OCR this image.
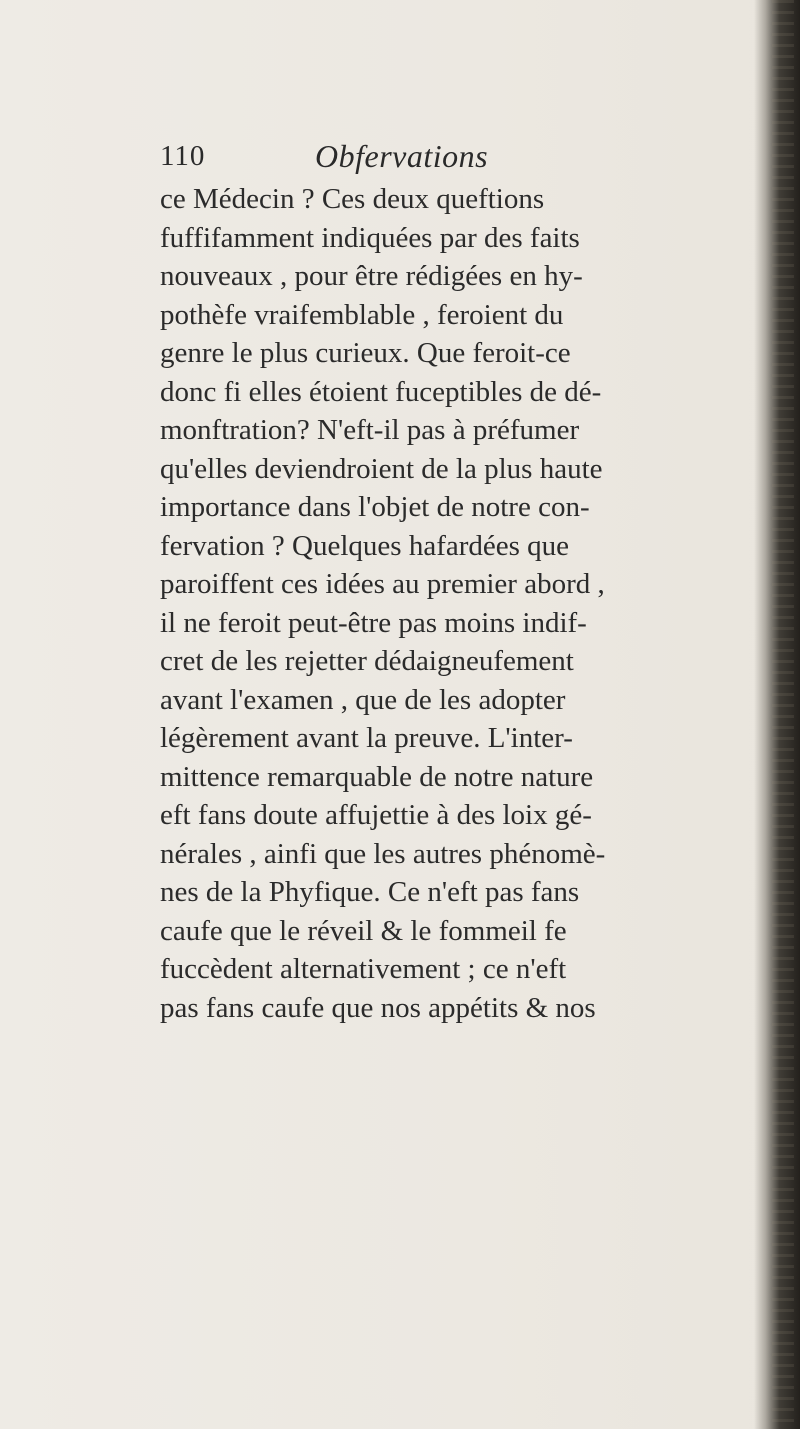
110	Obfervations
ce Médecin ? Ces deux queftions
fuffifamment indiquées par des faits
nouveaux , pour être rédigées en hy-
pothèfe vraifemblable , feroient du
genre le plus curieux. Que feroit-ce
donc fi elles étoient fuceptibles de dé-
monftration? N'eft-il pas à préfumer
qu'elles deviendroient de la plus haute
importance dans l'objet de notre con-
fervation ? Quelques hafardées que
paroiffent ces idées au premier abord ,
il ne feroit peut-être pas moins indif-
cret de les rejetter dédaigneufement
avant l'examen , que de les adopter
légèrement avant la preuve. L'inter-
mittence remarquable de notre nature
eft fans doute affujettie à des loix gé-
nérales , ainfi que les autres phénomè-
nes de la Phyfique. Ce n'eft pas fans
caufe que le réveil & le fommeil fe
fuccèdent alternativement ; ce n'eft
pas fans caufe que nos appétits & nos
